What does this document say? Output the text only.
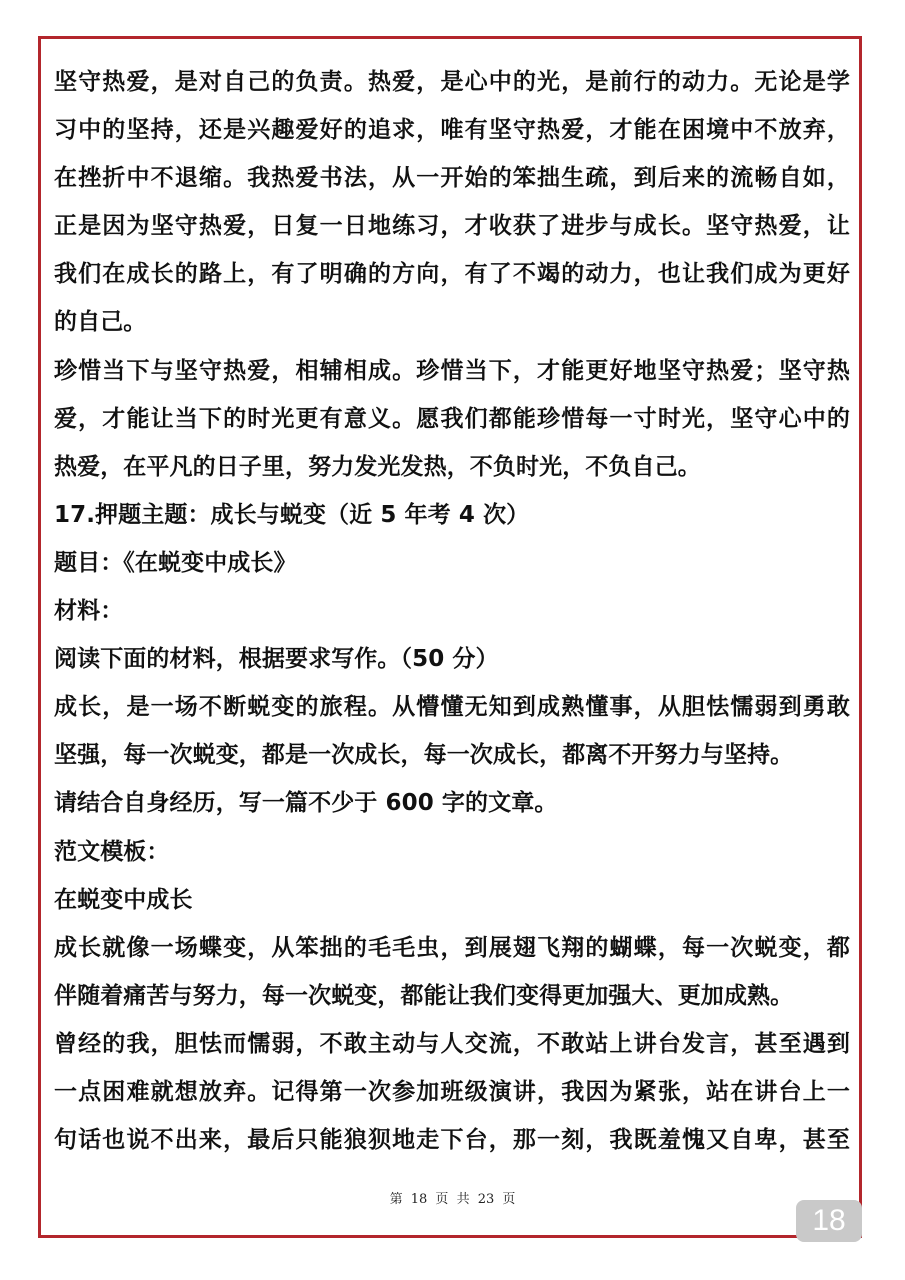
坚守热爱，是对自己的负责。热爱，是心中的光，是前行的动力。无论是学
习中的坚持，还是兴趣爱好的追求，唯有坚守热爱，才能在困境中不放弃，
在挫折中不退缩。我热爱书法，从一开始的笨拙生疏，到后来的流畅自如，
正是因为坚守热爱，日复一日地练习，才收获了进步与成长。坚守热爱，让
我们在成长的路上，有了明确的方向，有了不竭的动力，也让我们成为更好
的自己。
珍惜当下与坚守热爱，相辅相成。珍惜当下，才能更好地坚守热爱；坚守热
爱，才能让当下的时光更有意义。愿我们都能珍惜每一寸时光，坚守心中的
热爱，在平凡的日子里，努力发光发热，不负时光，不负自己。
17.押题主题：成长与蜕变（近 5 年考 4 次）
题目：《在蜕变中成长》
材料：
阅读下面的材料，根据要求写作。（50 分）
成长，是一场不断蜕变的旅程。从懵懂无知到成熟懂事，从胆怯懦弱到勇敢
坚强，每一次蜕变，都是一次成长，每一次成长，都离不开努力与坚持。
请结合自身经历，写一篇不少于 600 字的文章。
范文模板：
在蜕变中成长
成长就像一场蝶变，从笨拙的毛毛虫，到展翅飞翔的蝴蝶，每一次蜕变，都
伴随着痛苦与努力，每一次蜕变，都能让我们变得更加强大、更加成熟。
曾经的我，胆怯而懦弱，不敢主动与人交流，不敢站上讲台发言，甚至遇到
一点困难就想放弃。记得第一次参加班级演讲，我因为紧张，站在讲台上一
句话也说不出来，最后只能狼狈地走下台，那一刻，我既羞愧又自卑，甚至
第 18 页 共 23 页
18
